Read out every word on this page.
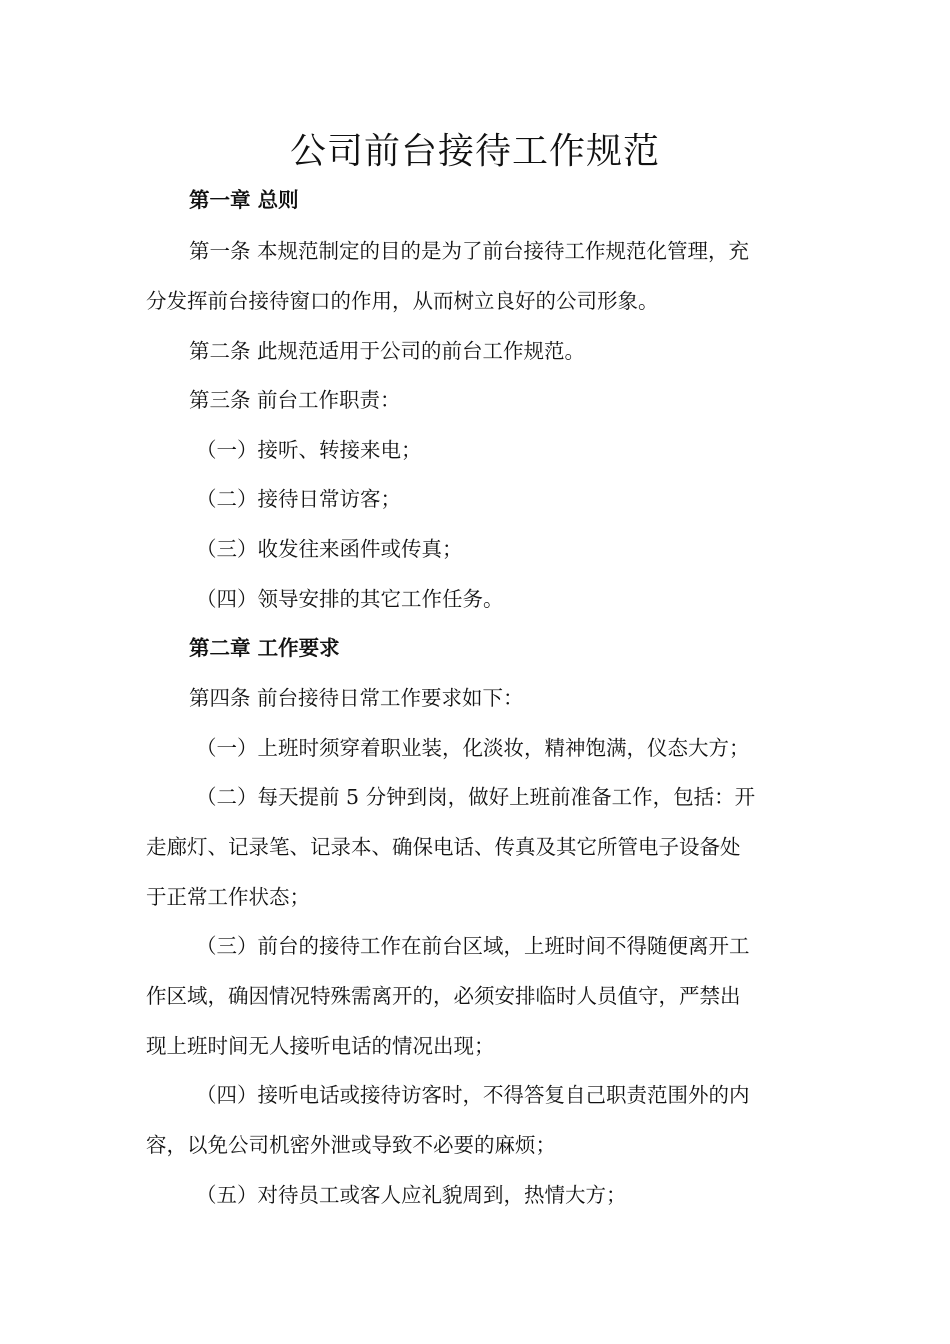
公司前台接待工作规范
第一章 总则
第一条 本规范制定的目的是为了前台接待工作规范化管理，充
分发挥前台接待窗口的作用，从而树立良好的公司形象。
第二条 此规范适用于公司的前台工作规范。
第三条 前台工作职责：
（一）接听、转接来电；
（二）接待日常访客；
（三）收发往来函件或传真；
（四）领导安排的其它工作任务。
第二章 工作要求
第四条 前台接待日常工作要求如下：
（一）上班时须穿着职业装，化淡妆，精神饱满，仪态大方；
（二）每天提前 5 分钟到岗，做好上班前准备工作，包括：开
走廊灯、记录笔、记录本、确保电话、传真及其它所管电子设备处
于正常工作状态；
（三）前台的接待工作在前台区域，上班时间不得随便离开工
作区域，确因情况特殊需离开的，必须安排临时人员值守，严禁出
现上班时间无人接听电话的情况出现；
（四）接听电话或接待访客时，不得答复自己职责范围外的内
容，以免公司机密外泄或导致不必要的麻烦；
（五）对待员工或客人应礼貌周到，热情大方；
